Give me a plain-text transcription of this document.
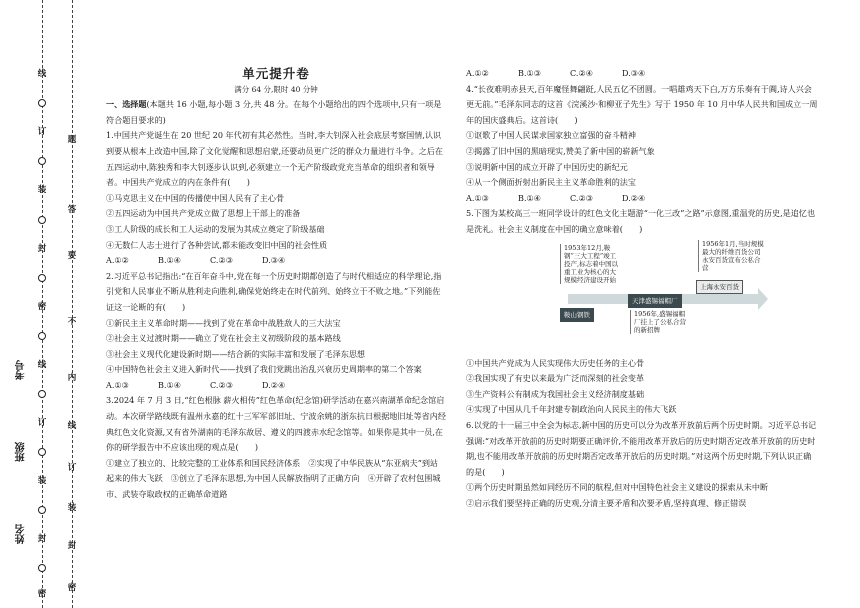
线
订
装
封
密
线
订
装
封
密
题
答
要
不
内
线
订
装
封
密
考号
班级
姓名

单元提升卷

满分 64 分,限时 40 分钟

一、选择题(本题共 16 小题,每小题 3 分,共 48 分。在每个小题给出的四个选项中,只有一项是符合题目要求的)

1.中国共产党诞生在 20 世纪 20 年代初有其必然性。当时,李大钊深入社会底层考察国情,认识到要从根本上改造中国,除了文化觉醒和思想启蒙,还要动员更广泛的群众力量进行斗争。之后在五四运动中,陈独秀和李大钊逐步认识到,必须建立一个无产阶级政党充当革命的组织者和领导者。中国共产党成立的内在条件有(　　)

①马克思主义在中国的传播使中国人民有了主心骨

②五四运动为中国共产党成立做了思想上干部上的准备

③工人阶级的成长和工人运动的发展为其成立奠定了阶级基础

④无数仁人志士进行了各种尝试,都未能改变旧中国的社会性质

A.①②	B.①④	C.②③	D.③④

2.习近平总书记指出:“在百年奋斗中,党在每一个历史时期都创造了与时代相适应的科学理论,指引党和人民事业不断从胜利走向胜利,确保党始终走在时代前列、始终立于不败之地。”下列能佐证这一论断的有(　　)

①新民主主义革命时期——找到了党在革命中战胜敌人的三大法宝

②社会主义过渡时期——确立了党在社会主义初级阶段的基本路线

③社会主义现代化建设新时期——结合新的实际丰富和发展了毛泽东思想

④中国特色社会主义进入新时代——找到了我们党跳出治乱兴衰历史周期率的第二个答案

A.①③	B.①④	C.②③	D.②④

3.2024 年 7 月 3 日,“红色根脉 薪火相传”红色革命(纪念馆)研学活动在嘉兴南湖革命纪念馆启动。本次研学路线既有温州永嘉的红十三军军部旧址、宁波余姚的浙东抗日根据地旧址等省内经典红色文化资源,又有省外湖南的毛泽东故居、遵义的四渡赤水纪念馆等。如果你是其中一员,在你的研学报告中不应该出现的观点是(　　)

①建立了独立的、比较完整的工业体系和国民经济体系　②实现了中华民族从“东亚病夫”到站起来的伟大飞跃　③创立了毛泽东思想,为中国人民解放指明了正确方向　④开辟了农村包围城市、武装夺取政权的正确革命道路

A.①②	B.①③	C.②④	D.③④

4.“长夜难明赤县天,百年魔怪舞翩跹,人民五亿不团圆。一唱雄鸡天下白,万方乐奏有于阗,诗人兴会更无前。”毛泽东同志的这首《浣溪沙·和柳亚子先生》写于 1950 年 10 月中华人民共和国成立一周年的国庆盛典后。这首诗(　　)

①讴歌了中国人民谋求国家独立富强的奋斗精神

②揭露了旧中国的黑暗现实,赞美了新中国的崭新气象

③说明新中国的成立开辟了中国历史的新纪元

④从一个侧面折射出新民主主义革命胜利的法宝

A.①③	B.①④	C.②③	D.②④

5.下图为某校高三一班同学设计的红色文化主题游“一化三改”之路”示意图,重温党的历史,是追忆也是洗礼。社会主义制度在中国的确立意味着(　　)

1953年12月,鞍钢“三大工程”竣工投产,标志着中国以重工业为核心的大规模经济建设开始
1956年1月,当时规模最大的纤维百货公司永安百货宣布公私合营
上海永安百货
天津盛锡福帽厂
鞍山钢铁	1956年,盛锡福帽厂挂上了公私合营的新招牌

①中国共产党成为人民实现伟大历史任务的主心骨

②我国实现了有史以来最为广泛而深刻的社会变革

③生产资料公有制成为我国社会主义经济制度基础

④实现了中国从几千年封建专制政治向人民民主的伟大飞跃

6.以党的十一届三中全会为标志,新中国的历史可以分为改革开放前后两个历史时期。习近平总书记强调:“对改革开放前的历史时期要正确评价,不能用改革开放后的历史时期否定改革开放前的历史时期,也不能用改革开放前的历史时期否定改革开放后的历史时期。”对这两个历史时期,下列认识正确的是(　　)

①两个历史时期虽然如同经历不同的航程,但对中国特色社会主义建设的探索从未中断

②启示我们要坚持正确的历史观,分清主要矛盾和次要矛盾,坚持真理、修正错误
